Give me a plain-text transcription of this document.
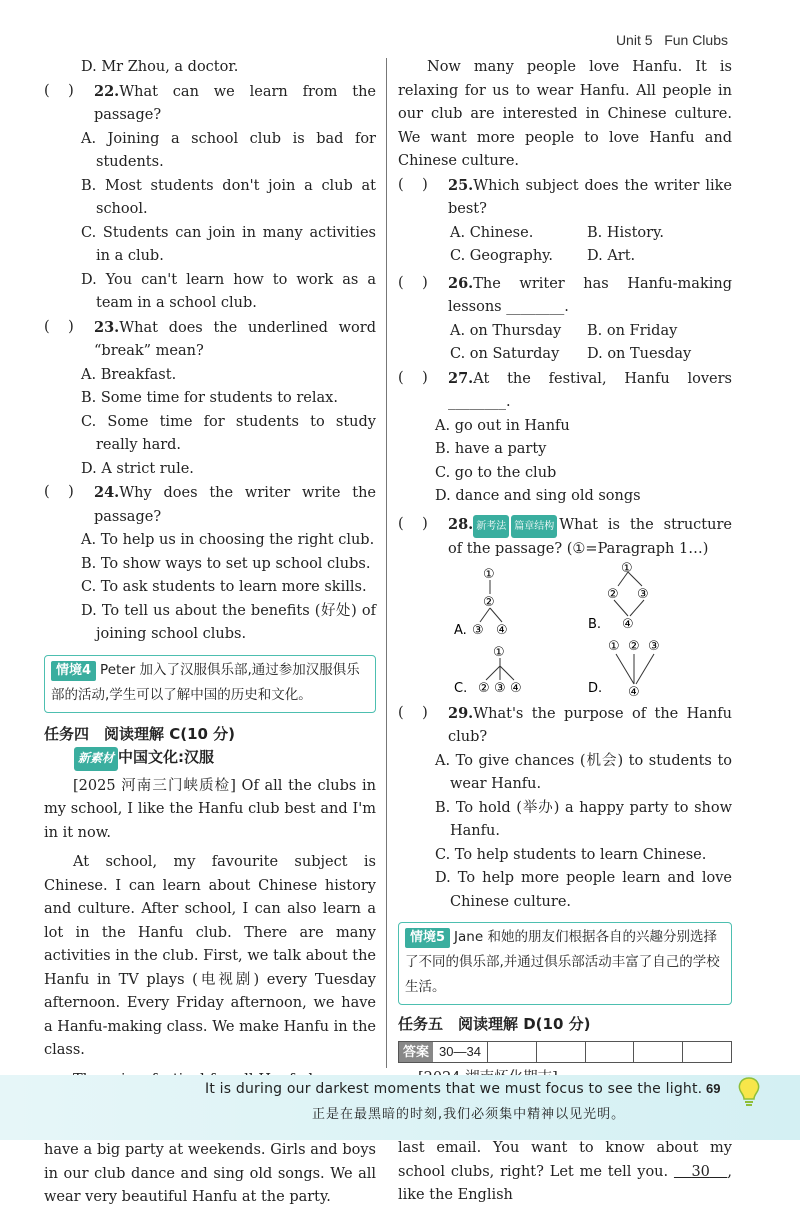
Unit 5 Fun Clubs
D. Mr Zhou, a doctor.
(    )	22.What can we learn from the passage?
A. Joining a school club is bad for students.
B. Most students don't join a club at school.
C. Students can join in many activities in a club.
D. You can't learn how to work as a team in a school club.
(    )	23.What does the underlined word “break” mean?
A. Breakfast.
B. Some time for students to relax.
C. Some time for students to study really hard.
D. A strict rule.
(    )	24.Why does the writer write the passage?
A. To help us in choosing the right club.
B. To show ways to set up school clubs.
C. To ask students to learn more skills.
D. To tell us about the benefits (好处) of joining school clubs.
情境4 Peter 加入了汉服俱乐部,通过参加汉服俱乐部的活动,学生可以了解中国的历史和文化。
任务四　阅读理解 C(10 分)
新素材 中国文化:汉服
[2025 河南三门峡质检] Of all the clubs in my school, I like the Hanfu club best and I'm in it now.
At school, my favourite subject is Chinese. I can learn about Chinese history and culture. After school, I can also learn a lot in the Hanfu club. There are many activities in the club. First, we talk about the Hanfu in TV plays (电视剧) every Tuesday afternoon. Every Friday afternoon, we have a Hanfu-making class. We make Hanfu in the class.
have a big party at weekends. Girls and boys in our club dance and sing old songs. We all wear very beautiful Hanfu at the party.
Now many people love Hanfu. It is relaxing for us to wear Hanfu. All people in our club are interested in Chinese culture. We want more people to love Hanfu and Chinese culture.
(    )	25.Which subject does the writer like best?
A. Chinese.	B. History.
C. Geography.	D. Art.
(    )	26.The writer has Hanfu-making lessons ________.
A. on Thursday	B. on Friday
C. on Saturday	D. on Tuesday
(    )	27.At the festival, Hanfu lovers ________.
A. go out in Hanfu
B. have a party
C. go to the club
D. dance and sing old songs
(    )	28. 新考法 篇章结构 What is the structure of the passage? (①=Paragraph 1…)
①
②
③ ④
A.
①
② ③
④
B.
①
② ③ ④
C.
① ② ③
④
D.
(    )	29.What's the purpose of the Hanfu club?
A. To give chances (机会) to students to wear Hanfu.
B. To hold (举办) a happy party to show Hanfu.
C. To help students to learn Chinese.
D. To help more people learn and love Chinese culture.
情境5 Jane 和她的朋友们根据各自的兴趣分别选择了不同的俱乐部,并通过俱乐部活动丰富了自己的学校生活。
任务五　阅读理解 D(10 分)
答案 30—34
last email. You want to know about my school clubs, right? Let me tell you.    30 , like the English
It is during our darkest moments that we must focus to see the light.
正是在最黑暗的时刻,我们必须集中精神以见光明。
69
